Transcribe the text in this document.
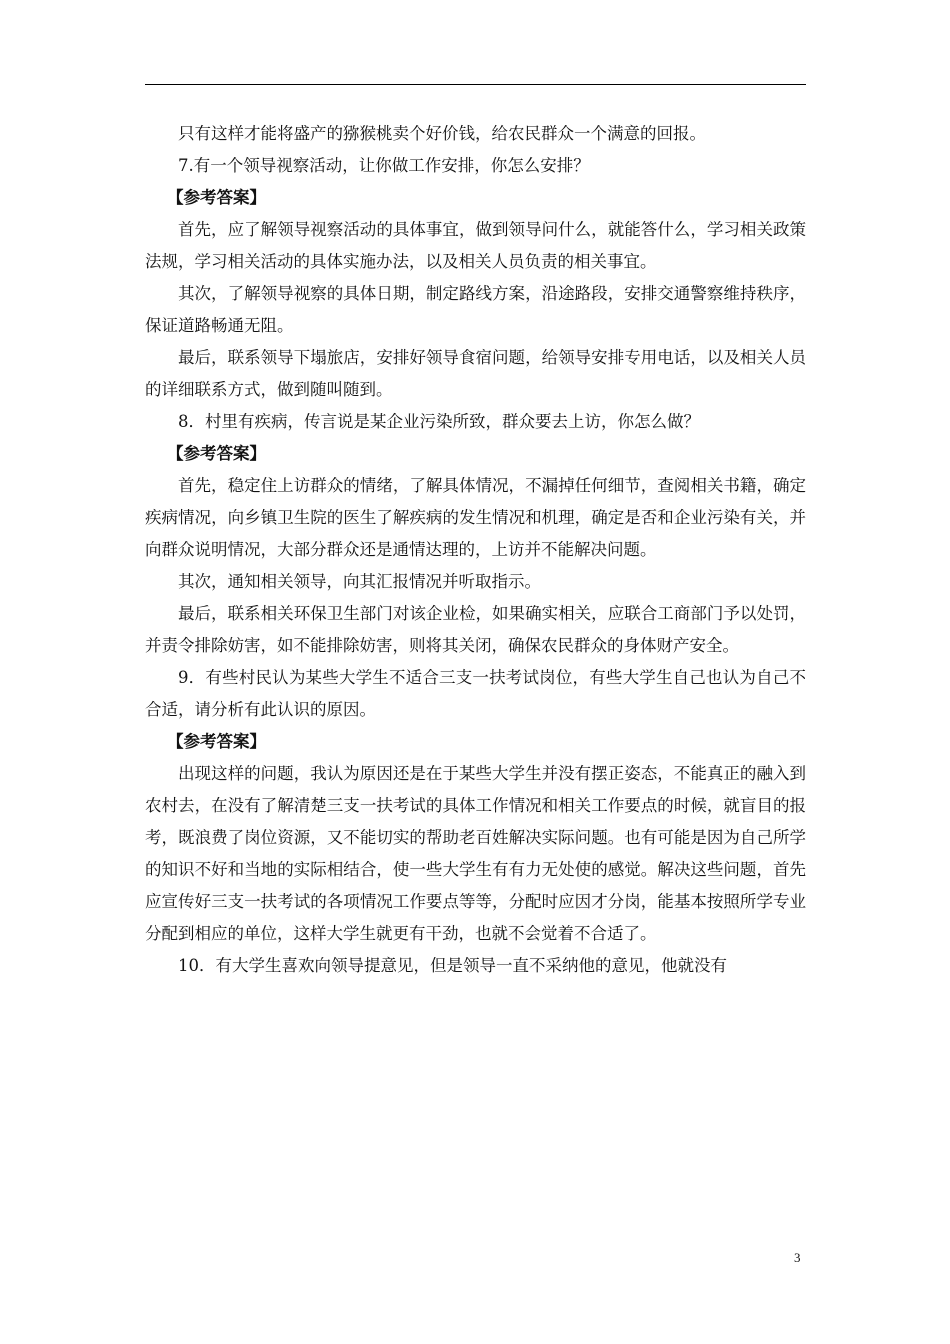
只有这样才能将盛产的猕猴桃卖个好价钱，给农民群众一个满意的回报。

7.有一个领导视察活动，让你做工作安排，你怎么安排？

【参考答案】

首先，应了解领导视察活动的具体事宜，做到领导问什么，就能答什么，学习相关政策法规，学习相关活动的具体实施办法，以及相关人员负责的相关事宜。

其次，了解领导视察的具体日期，制定路线方案，沿途路段，安排交通警察维持秩序，保证道路畅通无阻。

最后，联系领导下塌旅店，安排好领导食宿问题，给领导安排专用电话，以及相关人员的详细联系方式，做到随叫随到。

8．村里有疾病，传言说是某企业污染所致，群众要去上访，你怎么做？

【参考答案】

首先，稳定住上访群众的情绪，了解具体情况，不漏掉任何细节，查阅相关书籍，确定疾病情况，向乡镇卫生院的医生了解疾病的发生情况和机理，确定是否和企业污染有关，并向群众说明情况，大部分群众还是通情达理的，上访并不能解决问题。

其次，通知相关领导，向其汇报情况并听取指示。

最后，联系相关环保卫生部门对该企业检，如果确实相关，应联合工商部门予以处罚，并责令排除妨害，如不能排除妨害，则将其关闭，确保农民群众的身体财产安全。

9．有些村民认为某些大学生不适合三支一扶考试岗位，有些大学生自己也认为自己不合适，请分析有此认识的原因。

【参考答案】

出现这样的问题，我认为原因还是在于某些大学生并没有摆正姿态，不能真正的融入到农村去，在没有了解清楚三支一扶考试的具体工作情况和相关工作要点的时候，就盲目的报考，既浪费了岗位资源，又不能切实的帮助老百姓解决实际问题。也有可能是因为自己所学的知识不好和当地的实际相结合，使一些大学生有有力无处使的感觉。解决这些问题，首先应宣传好三支一扶考试的各项情况工作要点等等，分配时应因才分岗，能基本按照所学专业分配到相应的单位，这样大学生就更有干劲，也就不会觉着不合适了。

10．有大学生喜欢向领导提意见，但是领导一直不采纳他的意见，他就没有

3
